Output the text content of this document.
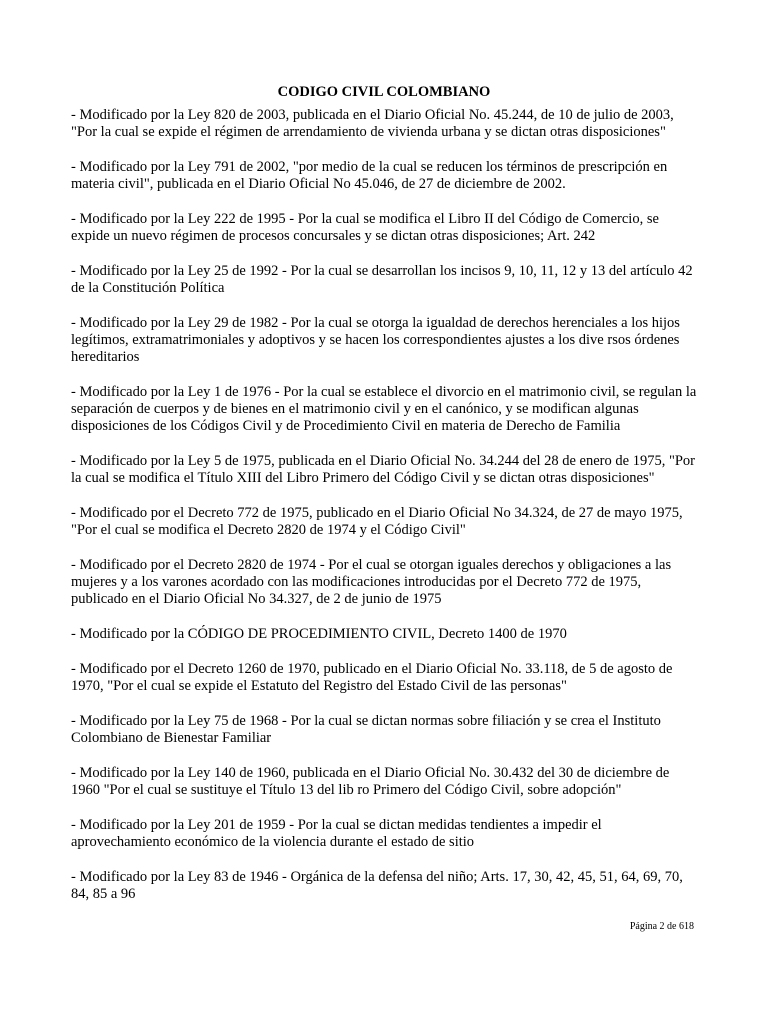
CODIGO CIVIL COLOMBIANO
- Modificado por la Ley 820 de 2003, publicada en el Diario Oficial No. 45.244, de 10 de julio de 2003, "Por la cual se expide el régimen de arrendamiento de vivienda urbana y se dictan otras disposiciones"
- Modificado por la Ley 791 de 2002, "por medio de la cual se reducen los términos de prescripción en materia civil", publicada en el Diario Oficial No 45.046, de 27 de diciembre de 2002.
- Modificado por la Ley 222 de 1995 - Por la cual se modifica el Libro II del Código de Comercio, se expide un nuevo régimen de procesos concursales y se dictan otras disposiciones; Art. 242
- Modificado por la Ley 25 de 1992 - Por la cual se desarrollan los incisos 9, 10, 11, 12 y 13 del artículo 42 de la Constitución Política
- Modificado por la Ley 29 de 1982 - Por la cual se otorga la igualdad de derechos herenciales a los hijos legítimos, extramatrimoniales y adoptivos y se hacen los correspondientes ajustes a los dive rsos órdenes hereditarios
- Modificado por la Ley 1 de 1976 - Por la cual se establece el divorcio en el matrimonio civil, se regulan la separación de cuerpos y de bienes en el matrimonio civil y en el canónico, y se modifican algunas disposiciones de los Códigos Civil y de Procedimiento Civil en materia de Derecho de Familia
- Modificado por la Ley 5 de 1975, publicada en el Diario Oficial No. 34.244 del 28 de enero de 1975, "Por la cual se modifica el Título XIII del Libro Primero del Código Civil y se dictan otras disposiciones"
- Modificado por el Decreto 772 de 1975, publicado en el Diario Oficial No 34.324, de 27 de mayo 1975, "Por el cual se modifica el Decreto 2820 de 1974 y el Código Civil"
- Modificado por el Decreto 2820 de 1974 - Por el cual se otorgan iguales derechos y obligaciones a las mujeres y a los varones acordado con las modificaciones introducidas por el Decreto 772 de 1975, publicado en el Diario Oficial No 34.327, de 2 de junio de 1975
- Modificado por la CÓDIGO DE PROCEDIMIENTO CIVIL, Decreto 1400 de 1970
- Modificado por el Decreto 1260 de 1970, publicado en el Diario Oficial No. 33.118, de 5 de agosto de 1970, "Por el cual se expide el Estatuto del Registro del Estado Civil de las personas"
- Modificado por la Ley 75 de 1968 - Por la cual se dictan normas sobre filiación y se crea el Instituto Colombiano de Bienestar Familiar
- Modificado por la Ley 140 de 1960, publicada en el Diario Oficial No. 30.432 del 30 de diciembre de 1960 "Por el cual se sustituye el Título 13 del lib ro Primero del Código Civil, sobre adopción"
- Modificado por la Ley 201 de 1959 - Por la cual se dictan medidas tendientes a impedir el aprovechamiento económico de la violencia durante el estado de sitio
- Modificado por la Ley 83 de 1946 - Orgánica de la defensa del niño; Arts. 17, 30, 42, 45, 51, 64, 69, 70, 84, 85 a 96
Página 2 de 618
